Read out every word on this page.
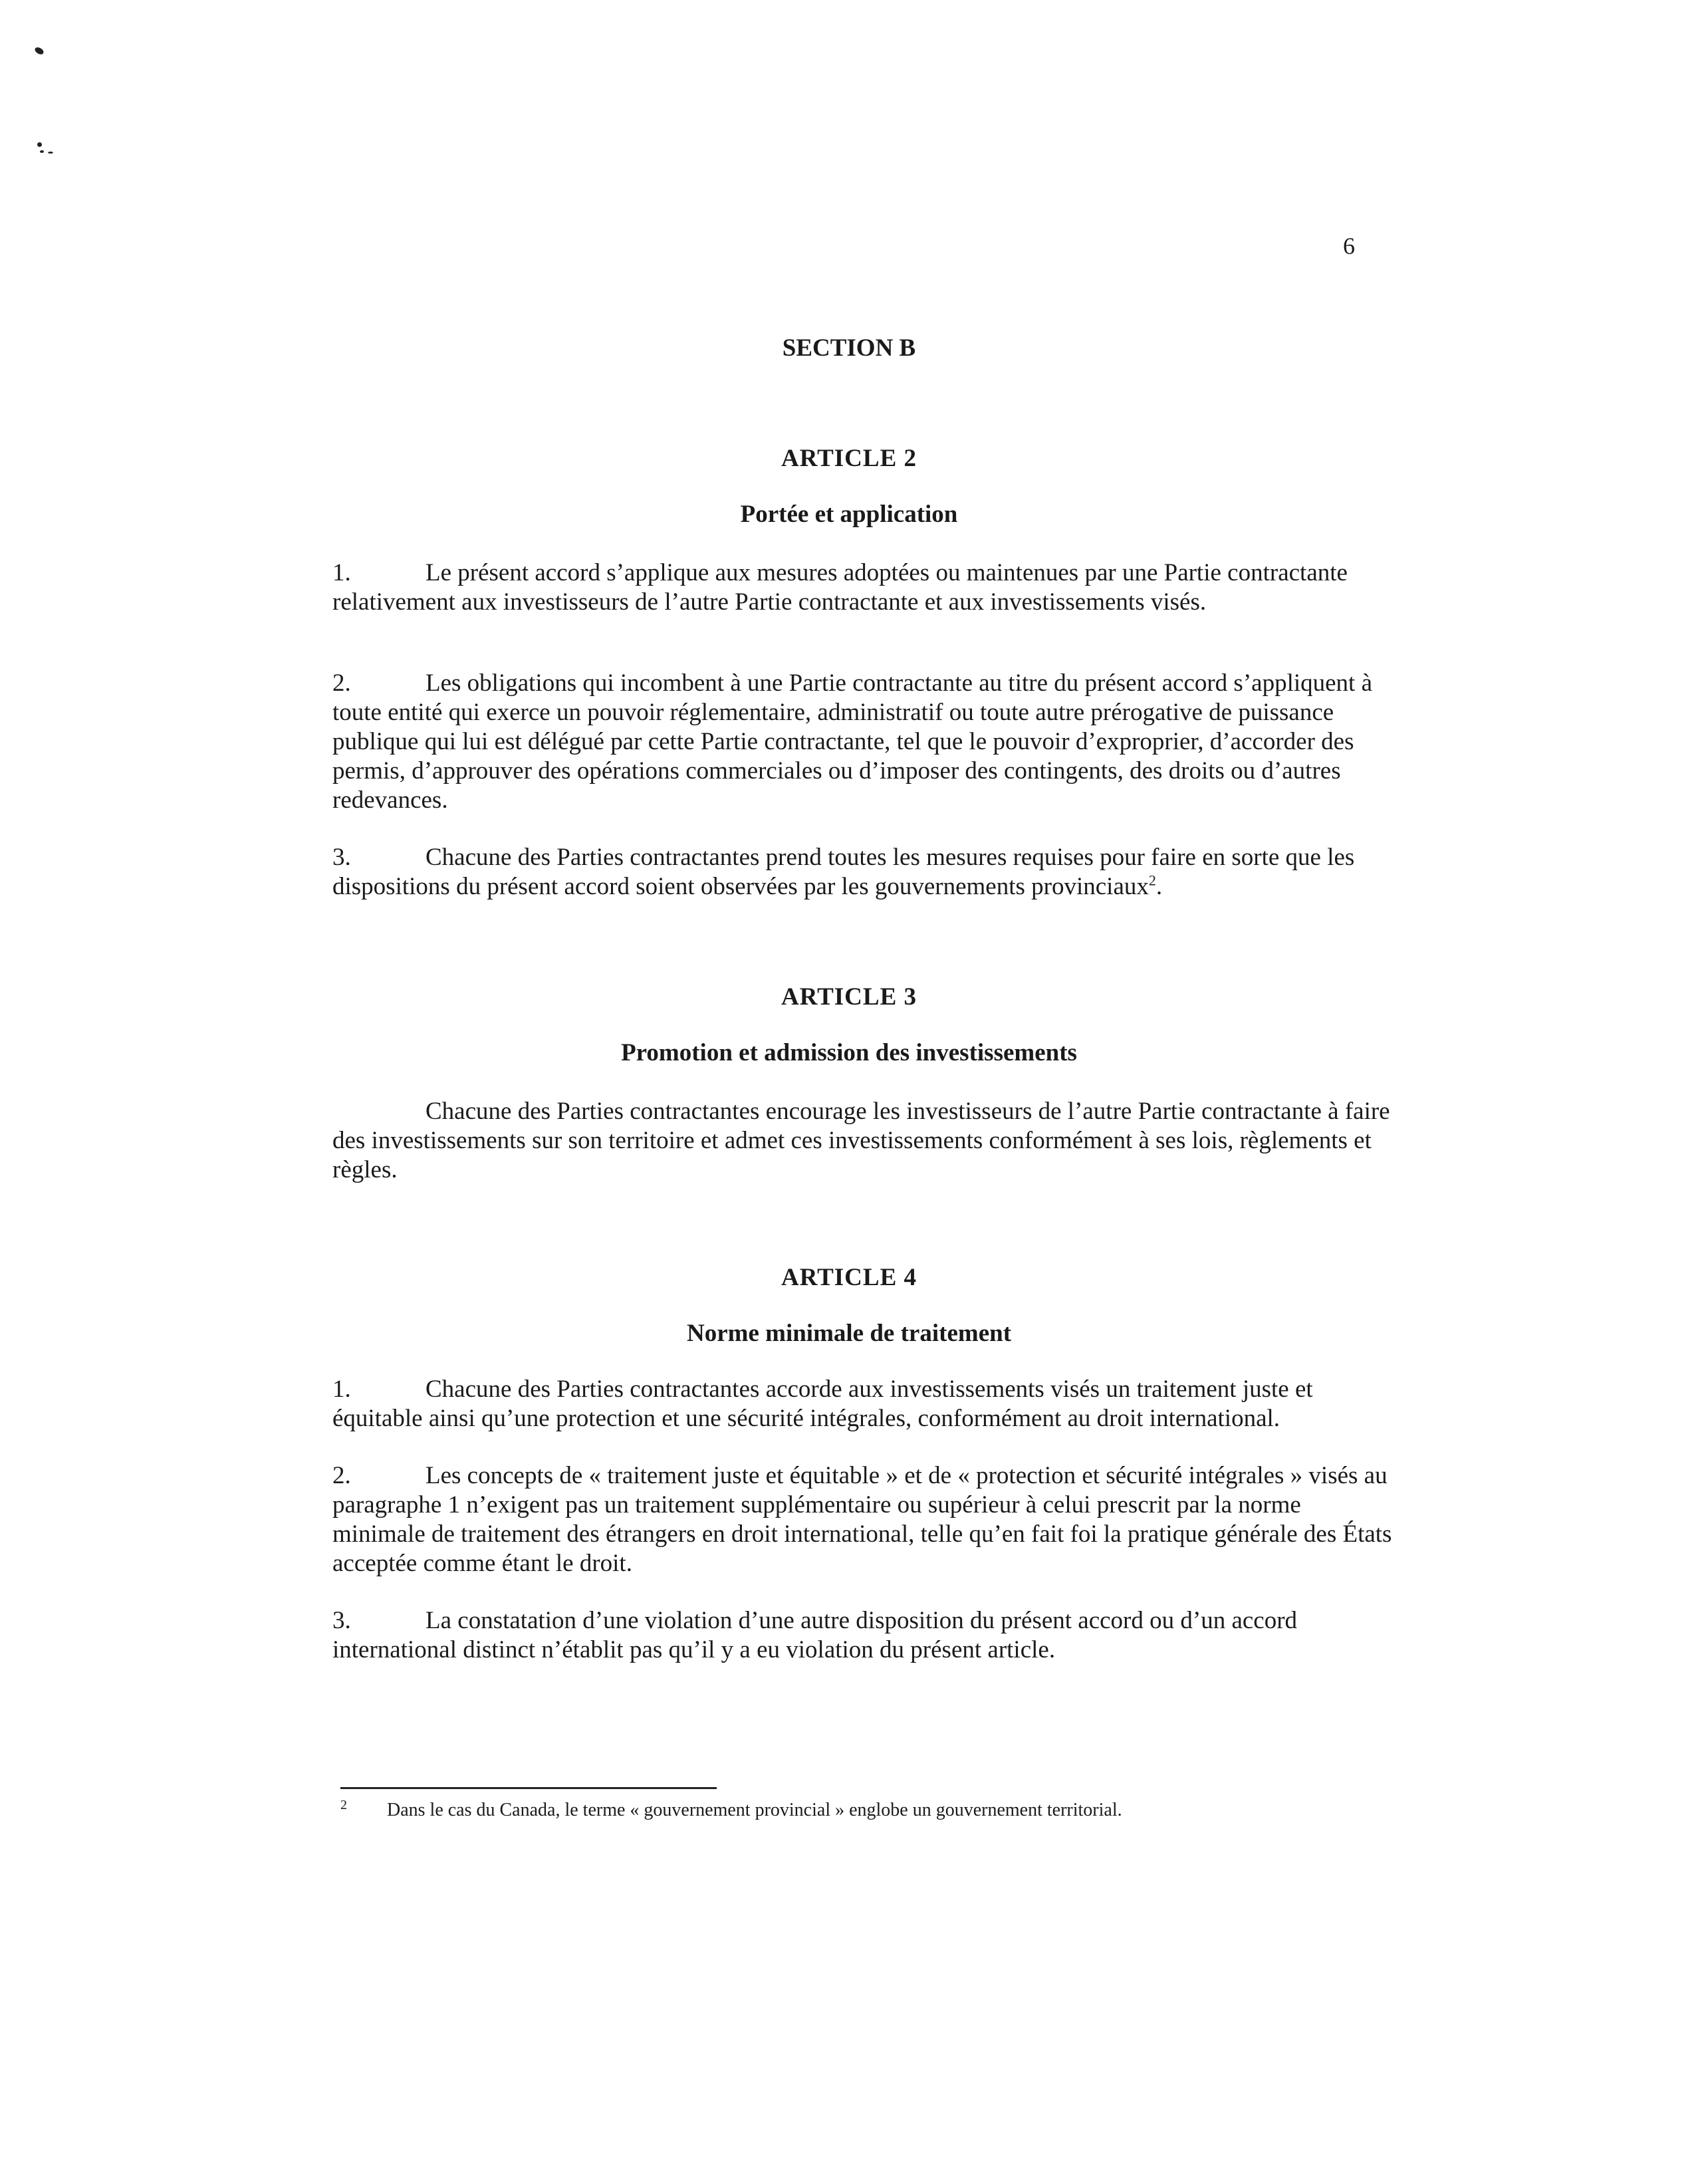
6
SECTION B
ARTICLE 2
Portée et application
1.	Le présent accord s’applique aux mesures adoptées ou maintenues par une Partie contractante relativement aux investisseurs de l’autre Partie contractante et aux investissements visés.
2.	Les obligations qui incombent à une Partie contractante au titre du présent accord s’appliquent à toute entité qui exerce un pouvoir réglementaire, administratif ou toute autre prérogative de puissance publique qui lui est délégué par cette Partie contractante, tel que le pouvoir d’exproprier, d’accorder des permis, d’approuver des opérations commerciales ou d’imposer des contingents, des droits ou d’autres redevances.
3.	Chacune des Parties contractantes prend toutes les mesures requises pour faire en sorte que les dispositions du présent accord soient observées par les gouvernements provinciaux$^2$.
ARTICLE 3
Promotion et admission des investissements
Chacune des Parties contractantes encourage les investisseurs de l’autre Partie contractante à faire des investissements sur son territoire et admet ces investissements conformément à ses lois, règlements et règles.
ARTICLE 4
Norme minimale de traitement
1.	Chacune des Parties contractantes accorde aux investissements visés un traitement juste et équitable ainsi qu’une protection et une sécurité intégrales, conformément au droit international.
2.	Les concepts de « traitement juste et équitable » et de « protection et sécurité intégrales » visés au paragraphe 1 n’exigent pas un traitement supplémentaire ou supérieur à celui prescrit par la norme minimale de traitement des étrangers en droit international, telle qu’en fait foi la pratique générale des États acceptée comme étant le droit.
3.	La constatation d’une violation d’une autre disposition du présent accord ou d’un accord international distinct n’établit pas qu’il y a eu violation du présent article.
2 Dans le cas du Canada, le terme « gouvernement provincial » englobe un gouvernement territorial.
